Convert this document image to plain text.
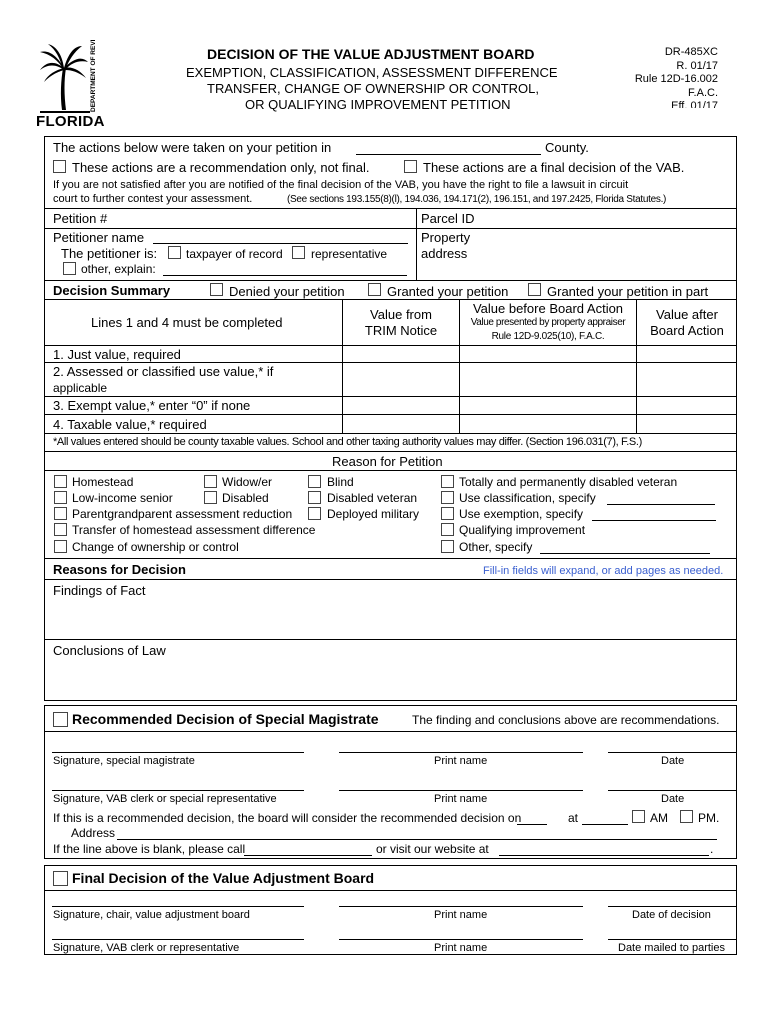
DEPARTMENT OF REVENUE
FLORIDA
DECISION OF THE VALUE ADJUSTMENT BOARD
EXEMPTION, CLASSIFICATION, ASSESSMENT DIFFERENCE
TRANSFER, CHANGE OF OWNERSHIP OR CONTROL,
OR QUALIFYING IMPROVEMENT PETITION
DR-485XC
R. 01/17
Rule 12D-16.002
F.A.C.
Eff. 01/17
The actions below were taken on your petition in	County.
These actions are a recommendation only, not final.	These actions are a final decision of the VAB.
If you are not satisfied after you are notified of the final decision of the VAB, you have the right to file a lawsuit in circuit
court to further contest your assessment.	(See sections 193.155(8)(l), 194.036, 194.171(2), 196.151, and 197.2425, Florida Statutes.)
Petition #	Parcel ID
Petitioner name	Property
address
The petitioner is: taxpayer of record representative
other, explain:
Decision Summary	Denied your petition	Granted your petition	Granted your petition in part
Lines 1 and 4 must be completed
Value from
TRIM Notice
Value before Board Action
Value presented by property appraiser
Rule 12D-9.025(10), F.A.C.
Value after
Board Action
1. Just value, required
2. Assessed or classified use value,* if
applicable
3. Exempt value,* enter “0” if none
4. Taxable value,* required
*All values entered should be county taxable values. School and other taxing authority values may differ. (Section 196.031(7), F.S.)
Reason for Petition
Homestead	Widow/er	Blind	Totally and permanently disabled veteran
Low-income senior	Disabled	Disabled veteran	Use classification, specify
Parentgrandparent assessment reduction	Deployed military	Use exemption, specify
Transfer of homestead assessment difference	Qualifying improvement
Change of ownership or control	Other, specify
Reasons for Decision	Fill-in fields will expand, or add pages as needed.
Findings of Fact
Conclusions of Law
Recommended Decision of Special Magistrate	The finding and conclusions above are recommendations.
Signature, special magistrate	Print name	Date
Signature, VAB clerk or special representative	Print name	Date
If this is a recommended decision, the board will consider the recommended decision on	at	AM	PM.
Address
If the line above is blank, please call	or visit our website at	.
Final Decision of the Value Adjustment Board
Signature, chair, value adjustment board	Print name	Date of decision
Signature, VAB clerk or representative	Print name	Date mailed to parties
